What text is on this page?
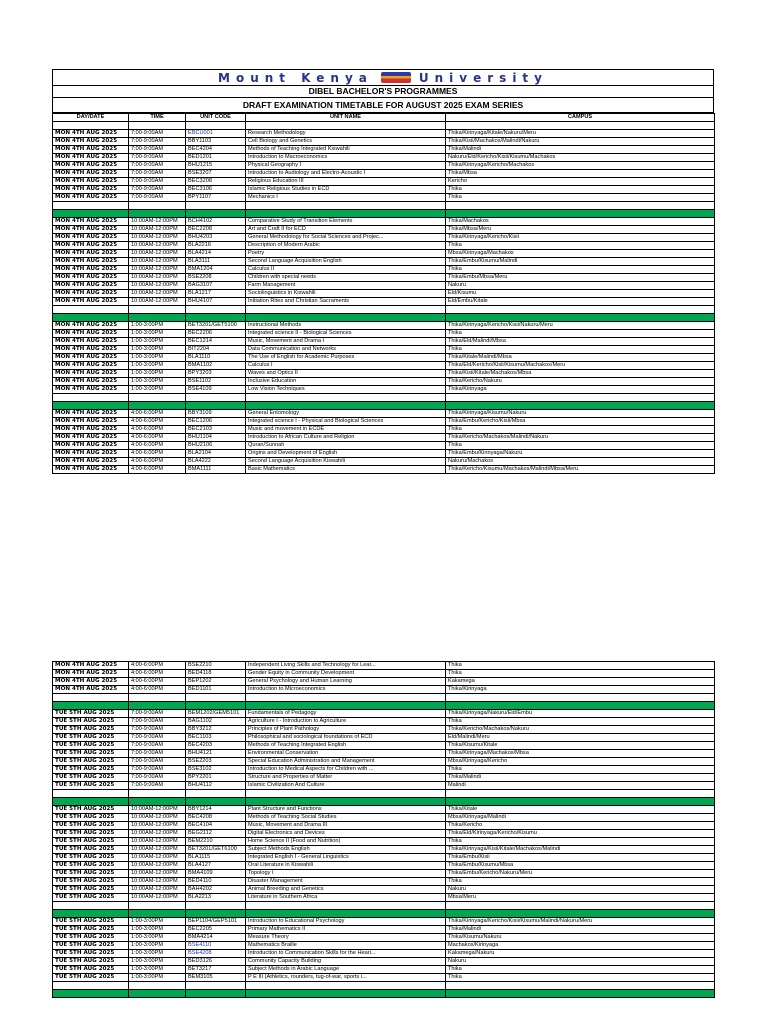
Mount Kenya	University
DIBEL BACHELOR'S PROGRAMMES
DRAFT EXAMINATION TIMETABLE FOR AUGUST 2025 EXAM SERIES
DAY/DATE	TIME	UNIT CODE	UNIT NAME	CAMPUS

MON 4TH AUG 2025	7:00-9:00AM	EBCU001	Research Methodology	Thika/Kirinyaga/Kitale/Nakuru/Meru
MON 4TH AUG 2025	7:00-9:00AM	BBY1103	Cell Biology and Genetics	Thika/Kisii/Machakos/Malindi/Nakuru
MON 4TH AUG 2025	7:00-9:00AM	BEC4204	Methods of Teaching Integrated Kiswahili	Thika/Malindi
MON 4TH AUG 2025	7:00-9:00AM	BED1201	Introduction to Macroeconomics	Nakuru/Eld/Kericho/Kisii/Kisumu/Machakos
MON 4TH AUG 2025	7:00-9:00AM	BHU1215	Physical Geography I	Thika/Kirinyaga/Kericho/Machakos
MON 4TH AUG 2025	7:00-9:00AM	BSE3207	Introduction to Audiology and Electro-Acoustic I	Thika/Mbsa
MON 4TH AUG 2025	7:00-9:00AM	BEC3208	Religious Education III	Kericho
MON 4TH AUG 2025	7:00-9:00AM	BEC3106	Islamic Religious Studies in ECD	Thika
MON 4TH AUG 2025	7:00-9:00AM	BPY1107	Mechanics I	Thika

MON 4TH AUG 2025	10:00AM-12:00PM	BCH4102	Comparative Study of Transition Elements	Thika/Machakos
MON 4TH AUG 2025	10:00AM-12:00PM	BEC2208	Art and Craft II for ECD	Thika/Mbsa/Meru
MON 4TH AUG 2025	10:00AM-12:00PM	BHU4203	General Methodology for Social Sciences and Projec...	Thika/Kirinyaga/Kericho/Kisii
MON 4TH AUG 2025	10:00AM-12:00PM	BLA2216	Description of Modern Arabic	Thika
MON 4TH AUG 2025	10:00AM-12:00PM	BLA4214	Poetry	Mbsa/Kirinyaga/Machakos
MON 4TH AUG 2025	10:00AM-12:00PM	BLA3111	Second Language Acquisition English	Thika/Embu/Kisumu/Malindi
MON 4TH AUG 2025	10:00AM-12:00PM	BMA1204	Calculus II	Thika
MON 4TH AUG 2025	10:00AM-12:00PM	BSE2208	Children with special needs	Thika/Embu/Mbsa/Meru
MON 4TH AUG 2025	10:00AM-12:00PM	BAG3107	Farm Management	Nakuru
MON 4TH AUG 2025	10:00AM-12:00PM	BLA1217	Sociolinguistics in Kiswahili	Eld/Kisumu
MON 4TH AUG 2025	10:00AM-12:00PM	BHU4107	Initiation Rites and Christian Sacraments	Eld/Embu/Kitale

MON 4TH AUG 2025	1:00-3:00PM	BET3201/GET5100	Instructional Methods	Thika/Kirinyaga/Kericho/Kisii/Nakuru/Meru
MON 4TH AUG 2025	1:00-3:00PM	BEC2206	Integrated science II - Biological Sciences	Thika
MON 4TH AUG 2025	1:00-3:00PM	BEC1214	Music, Movement and Drama I	Thika/Eld/Malindi/Mbsa
MON 4TH AUG 2025	1:00-3:00PM	BIT2204	Data Communication and Networks	Thika
MON 4TH AUG 2025	1:00-3:00PM	BLA1110	The Use of English for Academic Purposes	Thika/Kitale/Malindi/Mbsa
MON 4TH AUG 2025	1:00-3:00PM	BMA1102	Calculus I	Thika/Eld/Kericho/Kisii/Kisumu/Machakos/Meru
MON 4TH AUG 2025	1:00-3:00PM	BPY3203	Waves and Optics II	Thika/Kisii/Kitale/Machakos/Mbsa
MON 4TH AUG 2025	1:00-3:00PM	BSE1102	Inclusive Education	Thika/Kericho/Nakuru
MON 4TH AUG 2025	1:00-3:00PM	BSE4109	Low Vision Techniques	Thika/Kirinyaga

MON 4TH AUG 2025	4:00-6:00PM	BBY3109	General Entomology	Thika/Kirinyaga/Kisumu/Nakuru
MON 4TH AUG 2025	4:00-6:00PM	BEC1206	Integrated science I - Physical and Biological Sciences	Thika/Embu/Kericho/Kisii/Mbsa
MON 4TH AUG 2025	4:00-6:00PM	BEC2103	Music and movement in ECDE	Thika
MON 4TH AUG 2025	4:00-6:00PM	BHU1104	Introduction to African Culture and Religion	Thika/Kericho/Machakos/Malindi/Nakuru
MON 4TH AUG 2025	4:00-6:00PM	BHU2106	Quran/Sunnah	Thika
MON 4TH AUG 2025	4:00-6:00PM	BLA2104	Origins and Development of English	Thika/Embu/Kirinyaga/Nakuru
MON 4TH AUG 2025	4:00-6:00PM	BLA4222	Second Language Acquisition Kiswahili	Nakuru/Machakos
MON 4TH AUG 2025	4:00-6:00PM	BMA1111	Basic Mathematics	Thika/Kericho/Kisumu/Machakos/Malindi/Mbsa/Meru
MON 4TH AUG 2025	4:00-6:00PM	BSE2210	Independent Living Skills and Technology for Lear...	Thika
MON 4TH AUG 2025	4:00-6:00PM	BED4118	Gender Equity in Community Development	Thika
MON 4TH AUG 2025	4:00-6:00PM	BEP1202	General Psychology and Human Learning	Kakamega
MON 4TH AUG 2025	4:00-6:00PM	BED1101	Introduction to Microeconomics	Thika/Kirinyaga

TUE 5TH AUG 2025	7:00-9:00AM	BEM1202/GEM5101	Fundamentals of Pedagogy	Thika/Kirinyaga/Nakuru/Eld/Embu
TUE 5TH AUG 2025	7:00-9:00AM	BAG1102	Agriculture I - Introduction to Agriculture	Thika
TUE 5TH AUG 2025	7:00-9:00AM	BBY3212	Principles of Plant Pathology	Thika/Kericho/Machakos/Nakuru
TUE 5TH AUG 2025	7:00-9:00AM	BEC1103	Philosophical and sociological foundations of ECD	Eld/Malindi/Meru
TUE 5TH AUG 2025	7:00-9:00AM	BEC4203	Methods of Teaching Integrated English	Thika/Kisumu/Kitale
TUE 5TH AUG 2025	7:00-9:00AM	BHU4121	Environmental Conservation	Thika/Kirinyaga/Machakos/Mbsa
TUE 5TH AUG 2025	7:00-9:00AM	BSE2203	Special Education Administration and Management	Mbsa/Kirinyaga/Kericho
TUE 5TH AUG 2025	7:00-9:00AM	BSE3102	Introduction to Medical Aspects for Children with ...	Thika
TUE 5TH AUG 2025	7:00-9:00AM	BPY2201	Structure and Properties of Matter	Thika/Malindi
TUE 5TH AUG 2025	7:00-9:00AM	BHU4112	Islamic Civilization And Culture	Malindi

TUE 5TH AUG 2025	10:00AM-12:00PM	BBY1214	Plant Structure and Functions	Thika/Kitale
TUE 5TH AUG 2025	10:00AM-12:00PM	BEC4208	Methods of Teaching Social Studies	Mbsa/Kirinyaga/Malindi
TUE 5TH AUG 2025	10:00AM-12:00PM	BEC4104	Music, Movement and Drama III	Thika/Kericho
TUE 5TH AUG 2025	10:00AM-12:00PM	BEG2112	Digital Electronics and Devices	Thika/Eld/Kirinyaga/Kericho/Kisumu
TUE 5TH AUG 2025	10:00AM-12:00PM	BEM2210	Home Science II (Food and Nutrition)	Thika
TUE 5TH AUG 2025	10:00AM-12:00PM	BET3201/GET6100	Subject Methods English	Thika/Kirinyaga/Kisii/Kitale/Machakos/Malindi
TUE 5TH AUG 2025	10:00AM-12:00PM	BLA1115	Integrated English I - General Linguistics	Thika/Embu/Kisii
TUE 5TH AUG 2025	10:00AM-12:00PM	BLA4127	Oral Literature in Kiswahili	Thika/Embu/Kisumu/Mbsa
TUE 5TH AUG 2025	10:00AM-12:00PM	BMA4109	Topology I	Thika/Embu/Kericho/Nakuru/Meru
TUE 5TH AUG 2025	10:00AM-12:00PM	BED4110	Disaster Management	Thika
TUE 5TH AUG 2025	10:00AM-12:00PM	BAH4202	Animal Breeding and Genetics	Nakuru
TUE 5TH AUG 2025	10:00AM-12:00PM	BLA2213	Literature in Southern Africa	Mbsa/Meru

TUE 5TH AUG 2025	1:00-3:00PM	BEP1104/GEP5101	Introduction to Educational Psychology	Thika/Kirinyaga/Kericho/Kisii/Kisumu/Malindi/Nakuru/Meru
TUE 5TH AUG 2025	1:00-3:00PM	BEC2205	Primary Mathematics II	Thika/Malindi
TUE 5TH AUG 2025	1:00-3:00PM	BMA4214	Measure Theory	Thika/Kisumu/Nakuru
TUE 5TH AUG 2025	1:00-3:00PM	BSE4110	Mathematics Braille	Machakos/Kirinyaga
TUE 5TH AUG 2025	1:00-3:00PM	BSE4208	Introduction to Communication Skills for the Heari...	Kakamega/Nakuru
TUE 5TH AUG 2025	1:00-3:00PM	BED3126	Community Capacity Building	Nakuru
TUE 5TH AUG 2025	1:00-3:00PM	BET3217	Subject Methods in Arabic Language	Thika
TUE 5TH AUG 2025	1:00-3:00PM	BEM3105	P E III (Athletics, rounders, tug-of-war, sports i...	Thika
